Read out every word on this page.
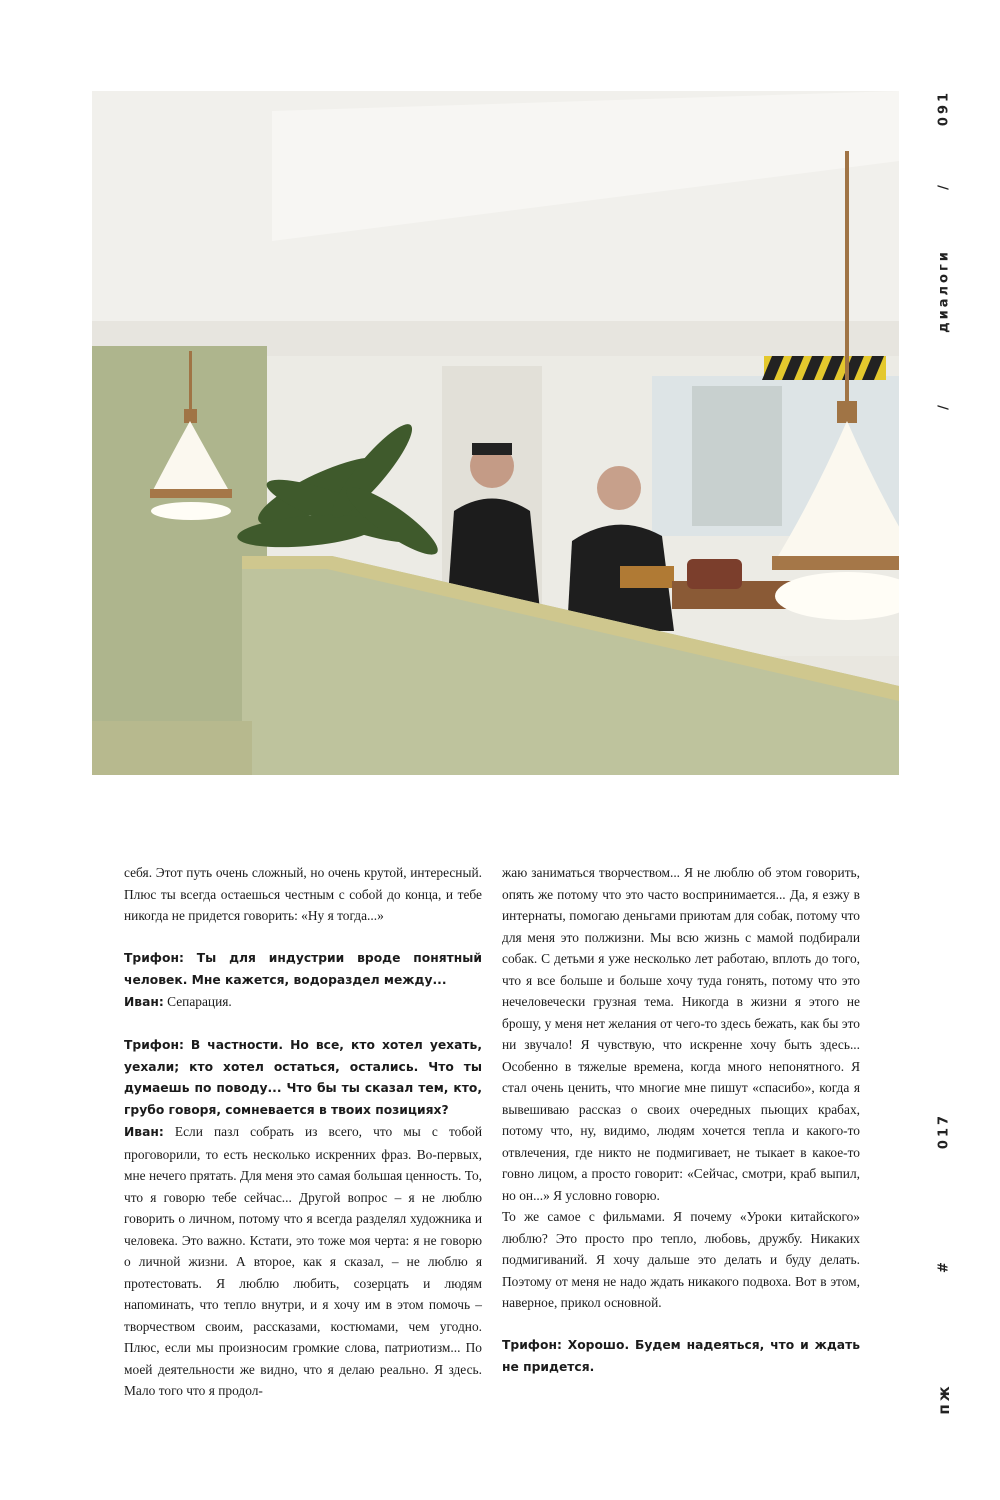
091
/
диалоги
/
017
#
пж

себя. Этот путь очень сложный, но очень крутой, интересный. Плюс ты всегда остаешься честным с собой до конца, и тебе никогда не придется говорить: «Ну я тогда...»

Трифон: Ты для индустрии вроде понятный человек. Мне кажется, водораздел между...

Иван: Сепарация.

Трифон: В частности. Но все, кто хотел уехать, уехали; кто хотел остаться, остались. Что ты думаешь по поводу... Что бы ты сказал тем, кто, грубо говоря, сомневается в твоих позициях?

Иван: Если пазл собрать из всего, что мы с тобой проговорили, то есть несколько искренних фраз. Во-первых, мне нечего прятать. Для меня это самая большая ценность. То, что я говорю тебе сейчас... Другой вопрос – я не люблю говорить о личном, потому что я всегда разделял художника и человека. Это важно. Кстати, это тоже моя черта: я не говорю о личной жизни. А второе, как я сказал, – не люблю я протестовать. Я люблю любить, созерцать и людям напоминать, что тепло внутри, и я хочу им в этом помочь – творчеством своим, рассказами, костюмами, чем угодно. Плюс, если мы произносим громкие слова, патриотизм... По моей деятельности же видно, что я делаю реально. Я здесь. Мало того что я продол-

жаю заниматься творчеством... Я не люблю об этом говорить, опять же потому что это часто воспринимается... Да, я езжу в интернаты, помогаю деньгами приютам для собак, потому что для меня это полжизни. Мы всю жизнь с мамой подбирали собак. С детьми я уже несколько лет работаю, вплоть до того, что я все больше и больше хочу туда гонять, потому что это нечеловечески грузная тема. Никогда в жизни я этого не брошу, у меня нет желания от чего-то здесь бежать, как бы это ни звучало! Я чувствую, что искренне хочу быть здесь... Особенно в тяжелые времена, когда много непонятного. Я стал очень ценить, что многие мне пишут «спасибо», когда я вывешиваю рассказ о своих очередных пьющих крабах, потому что, ну, видимо, людям хочется тепла и какого-то отвлечения, где никто не подмигивает, не тыкает в какое-то говно лицом, а просто говорит: «Сейчас, смотри, краб выпил, но он...» Я условно говорю.

То же самое с фильмами. Я почему «Уроки китайского» люблю? Это просто про тепло, любовь, дружбу. Никаких подмигиваний. Я хочу дальше это делать и буду делать. Поэтому от меня не надо ждать никакого подвоха. Вот в этом, наверное, прикол основной.

Трифон: Хорошо. Будем надеяться, что и ждать не придется.
